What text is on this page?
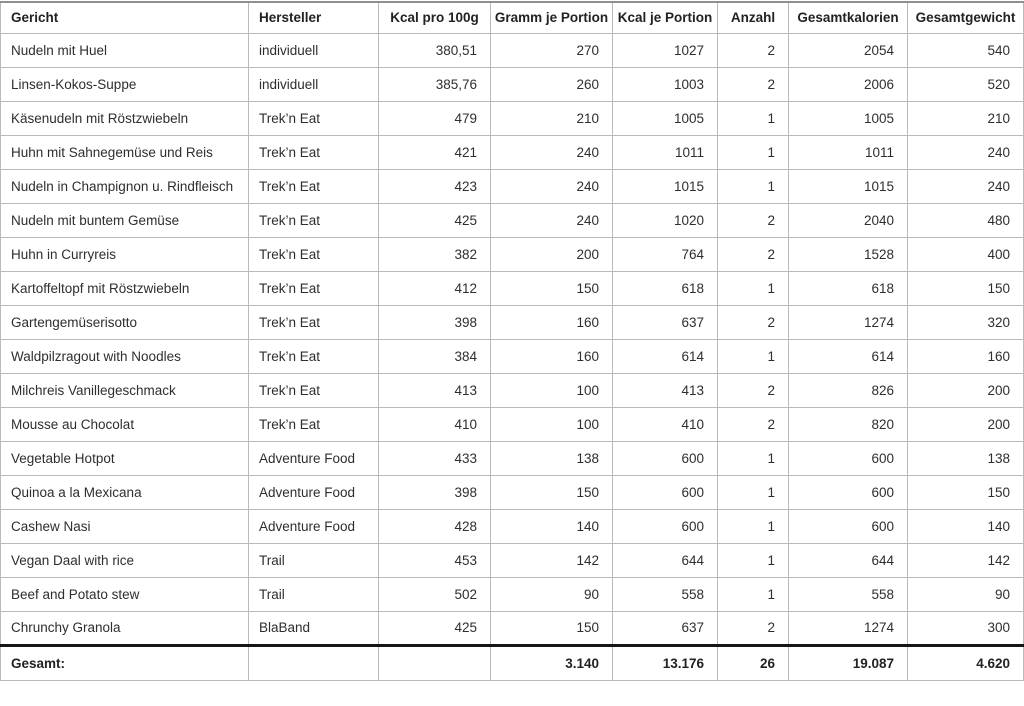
Gericht	Hersteller	Kcal pro 100g	Gramm je Portion	Kcal je Portion	Anzahl	Gesamtkalorien	Gesamtgewicht
Nudeln mit Huel	individuell	380,51	270	1027	2	2054	540
Linsen-Kokos-Suppe	individuell	385,76	260	1003	2	2006	520
Käsenudeln mit Röstzwiebeln	Trek’n Eat	479	210	1005	1	1005	210
Huhn mit Sahnegemüse und Reis	Trek’n Eat	421	240	1011	1	1011	240
Nudeln in Champignon u. Rindfleisch	Trek’n Eat	423	240	1015	1	1015	240
Nudeln mit buntem Gemüse	Trek’n Eat	425	240	1020	2	2040	480
Huhn in Curryreis	Trek’n Eat	382	200	764	2	1528	400
Kartoffeltopf mit Röstzwiebeln	Trek’n Eat	412	150	618	1	618	150
Gartengemüserisotto	Trek’n Eat	398	160	637	2	1274	320
Waldpilzragout with Noodles	Trek’n Eat	384	160	614	1	614	160
Milchreis Vanillegeschmack	Trek’n Eat	413	100	413	2	826	200
Mousse au Chocolat	Trek’n Eat	410	100	410	2	820	200
Vegetable Hotpot	Adventure Food	433	138	600	1	600	138
Quinoa a la Mexicana	Adventure Food	398	150	600	1	600	150
Cashew Nasi	Adventure Food	428	140	600	1	600	140
Vegan Daal with rice	Trail	453	142	644	1	644	142
Beef and Potato stew	Trail	502	90	558	1	558	90
Chrunchy Granola	BlaBand	425	150	637	2	1274	300
Gesamt:			3.140	13.176	26	19.087	4.620
